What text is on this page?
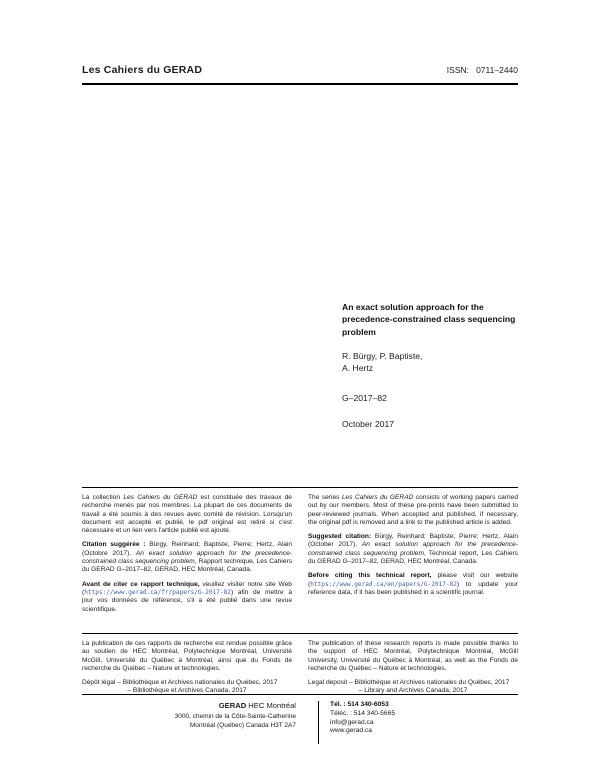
Les Cahiers du GERAD	ISSN:   0711–2440
An exact solution approach for the precedence-constrained class sequencing problem
R. Bürgy, P. Baptiste,
A. Hertz
G–2017–82
October 2017

La collection Les Cahiers du GERAD est constituée des travaux de recherche menés par nos membres. La plupart de ces documents de travail a été soumis à des revues avec comité de révision. Lorsqu'un document est accepté et publié, le pdf original est retiré si c'est nécessaire et un lien vers l'article publié est ajouté.

Citation suggérée : Bürgy, Reinhard; Baptiste, Pierre; Hertz, Alain (Octobre 2017). An exact solution approach for the precedence-constrained class sequencing problem, Rapport technique, Les Cahiers du GERAD G–2017–82, GERAD, HEC Montréal, Canada.

Avant de citer ce rapport technique, veuillez visiter notre site Web (https://www.gerad.ca/fr/papers/G-2017-82) afin de mettre à jour vos données de référence, s'il a été publié dans une revue scientifique.

The series Les Cahiers du GERAD consists of working papers carried out by our members. Most of these pre-prints have been submitted to peer-reviewed journals. When accepted and published, if necessary, the original pdf is removed and a link to the published article is added.

Suggested citation: Bürgy, Reinhard; Baptiste, Pierre; Hertz, Alain (October 2017). An exact solution approach for the precedence-constrained class sequencing problem, Technical report, Les Cahiers du GERAD G–2017–82, GERAD, HEC Montréal, Canada.

Before citing this technical report, please visit our website (https://www.gerad.ca/en/papers/G-2017-82) to update your reference data, if it has been published in a scientific journal.

La publication de ces rapports de recherche est rendue possible grâce au soutien de HEC Montréal, Polytechnique Montréal, Université McGill, Université du Québec à Montréal, ainsi que du Fonds de recherche du Québec – Nature et technologies.

Dépôt légal – Bibliothèque et Archives nationales du Québec, 2017
– Bibliothèque et Archives Canada, 2017

The publication of these research reports is made possible thanks to the support of HEC Montréal, Polytechnique Montréal, McGill University, Université du Québec à Montréal, as well as the Fonds de recherche du Québec – Nature et technologies.

Legal deposit – Bibliothèque et Archives nationales du Québec, 2017
– Library and Archives Canada, 2017

GERAD HEC Montréal
3000, chemin de la Côte-Sainte-Catherine
Montréal (Québec) Canada H3T 2A7
Tél. : 514 340-6053
Téléc. : 514 340-5665
info@gerad.ca
www.gerad.ca
